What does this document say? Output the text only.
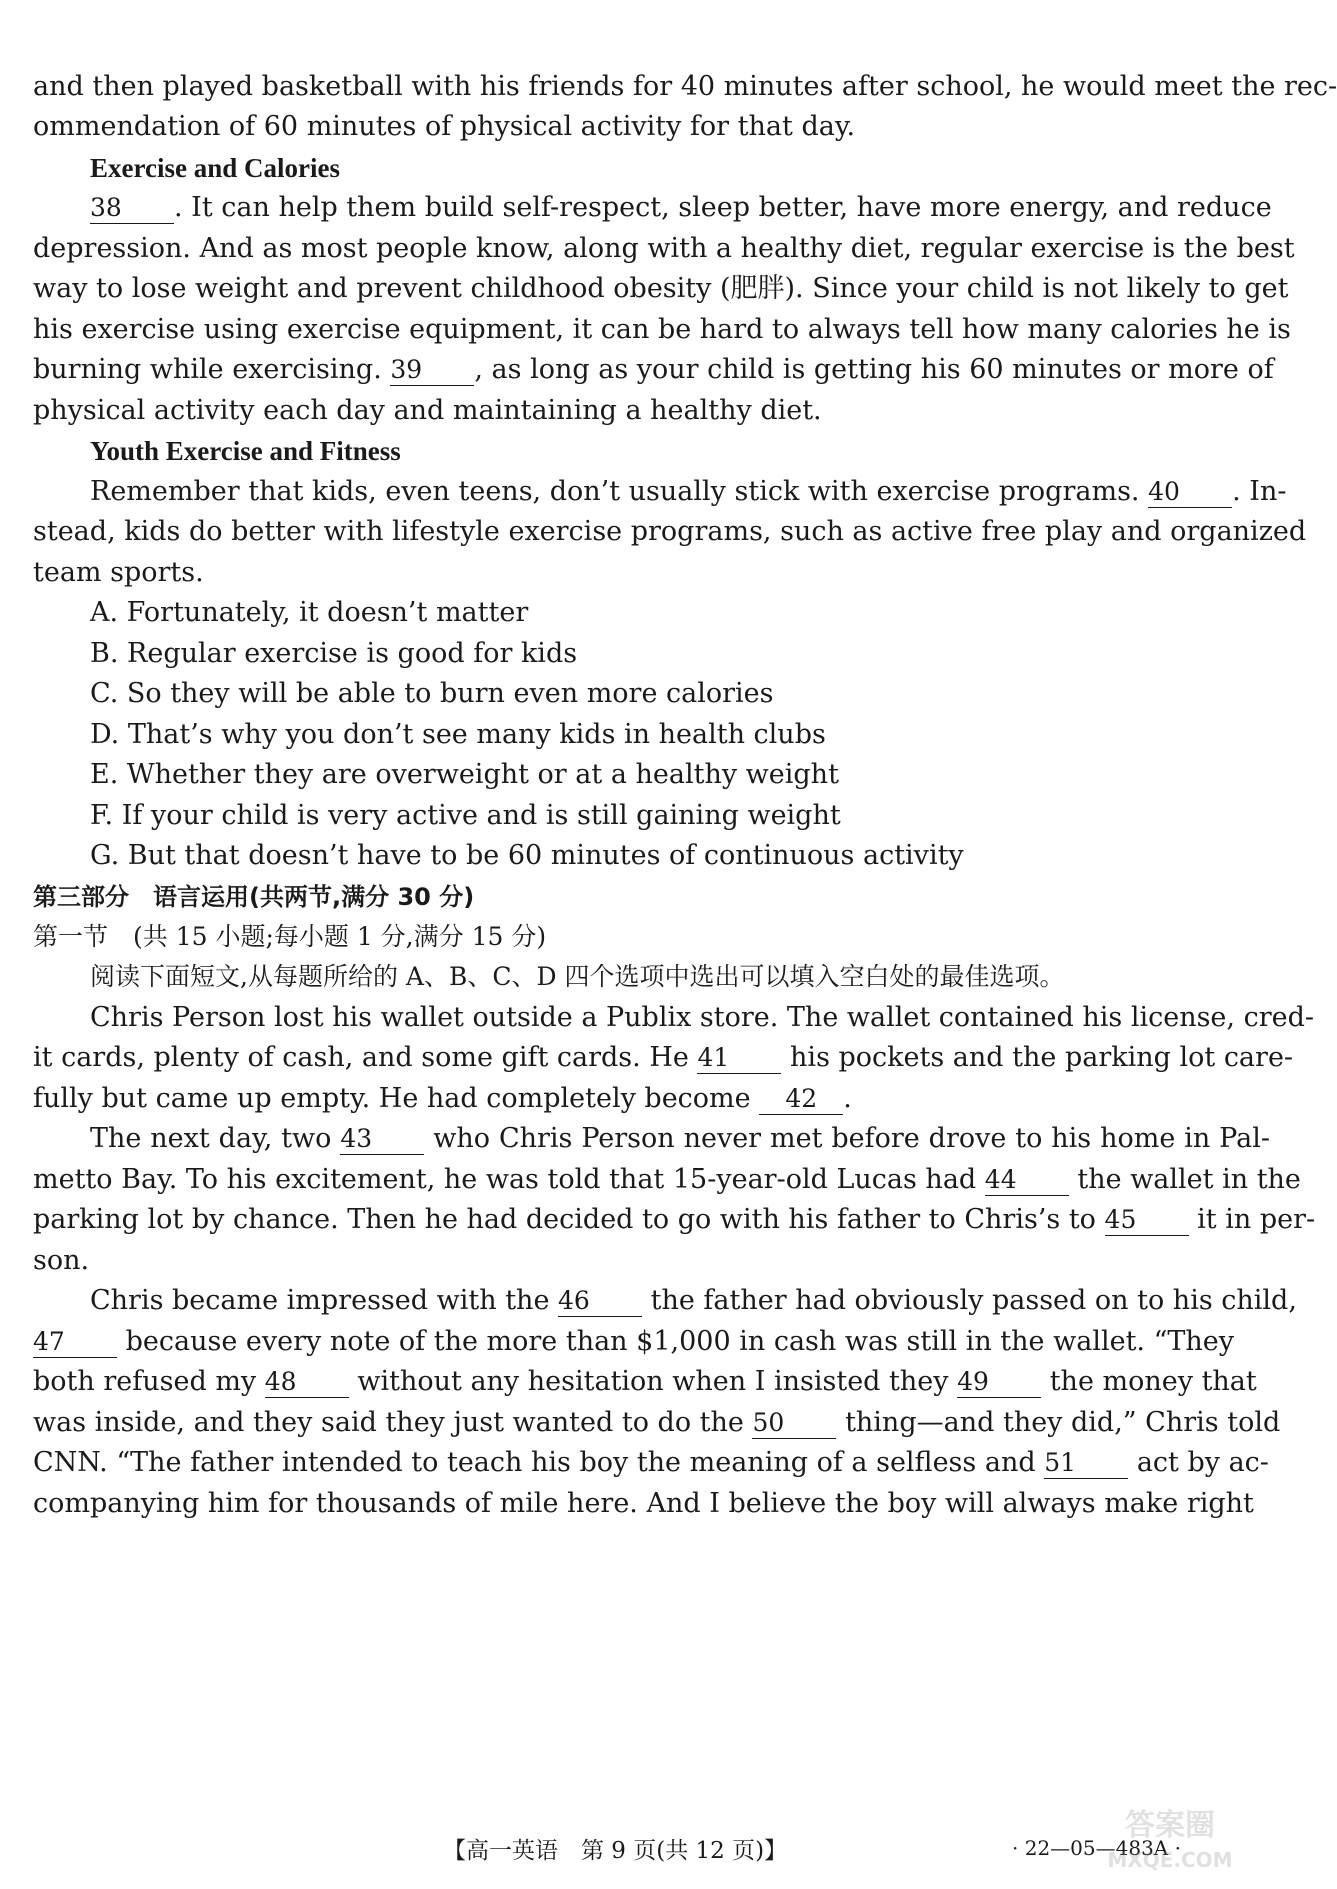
and then played basketball with his friends for 40 minutes after school, he would meet the rec-
ommendation of 60 minutes of physical activity for that day.
Exercise and Calories
38 . It can help them build self-respect, sleep better, have more energy, and reduce
depression. And as most people know, along with a healthy diet, regular exercise is the best
way to lose weight and prevent childhood obesity (肥胖). Since your child is not likely to get
his exercise using exercise equipment, it can be hard to always tell how many calories he is
burning while exercising. 39 , as long as your child is getting his 60 minutes or more of
physical activity each day and maintaining a healthy diet.
Youth Exercise and Fitness
Remember that kids, even teens, don’t usually stick with exercise programs. 40 . In-
stead, kids do better with lifestyle exercise programs, such as active free play and organized
team sports.
A. Fortunately, it doesn’t matter
B. Regular exercise is good for kids
C. So they will be able to burn even more calories
D. That’s why you don’t see many kids in health clubs
E. Whether they are overweight or at a healthy weight
F. If your child is very active and is still gaining weight
G. But that doesn’t have to be 60 minutes of continuous activity
第三部分　语言运用(共两节,满分 30 分)
第一节　(共 15 小题;每小题 1 分,满分 15 分)
阅读下面短文,从每题所给的 A、B、C、D 四个选项中选出可以填入空白处的最佳选项。
Chris Person lost his wallet outside a Publix store. The wallet contained his license, cred-
it cards, plenty of cash, and some gift cards. He 41 his pockets and the parking lot care-
fully but came up empty. He had completely become 42 .
The next day, two 43 who Chris Person never met before drove to his home in Pal-
metto Bay. To his excitement, he was told that 15-year-old Lucas had 44 the wallet in the
parking lot by chance. Then he had decided to go with his father to Chris’s to 45 it in per-
son.
Chris became impressed with the 46 the father had obviously passed on to his child,
47 because every note of the more than $1,000 in cash was still in the wallet. “They
both refused my 48 without any hesitation when I insisted they 49 the money that
was inside, and they said they just wanted to do the 50 thing—and they did,” Chris told
CNN. “The father intended to teach his boy the meaning of a selfless and 51 act by ac-
companying him for thousands of mile here. And I believe the boy will always make right
【高一英语　第 9 页(共 12 页)】	· 22—05—483A ·
答案圈
MXQE.COM
